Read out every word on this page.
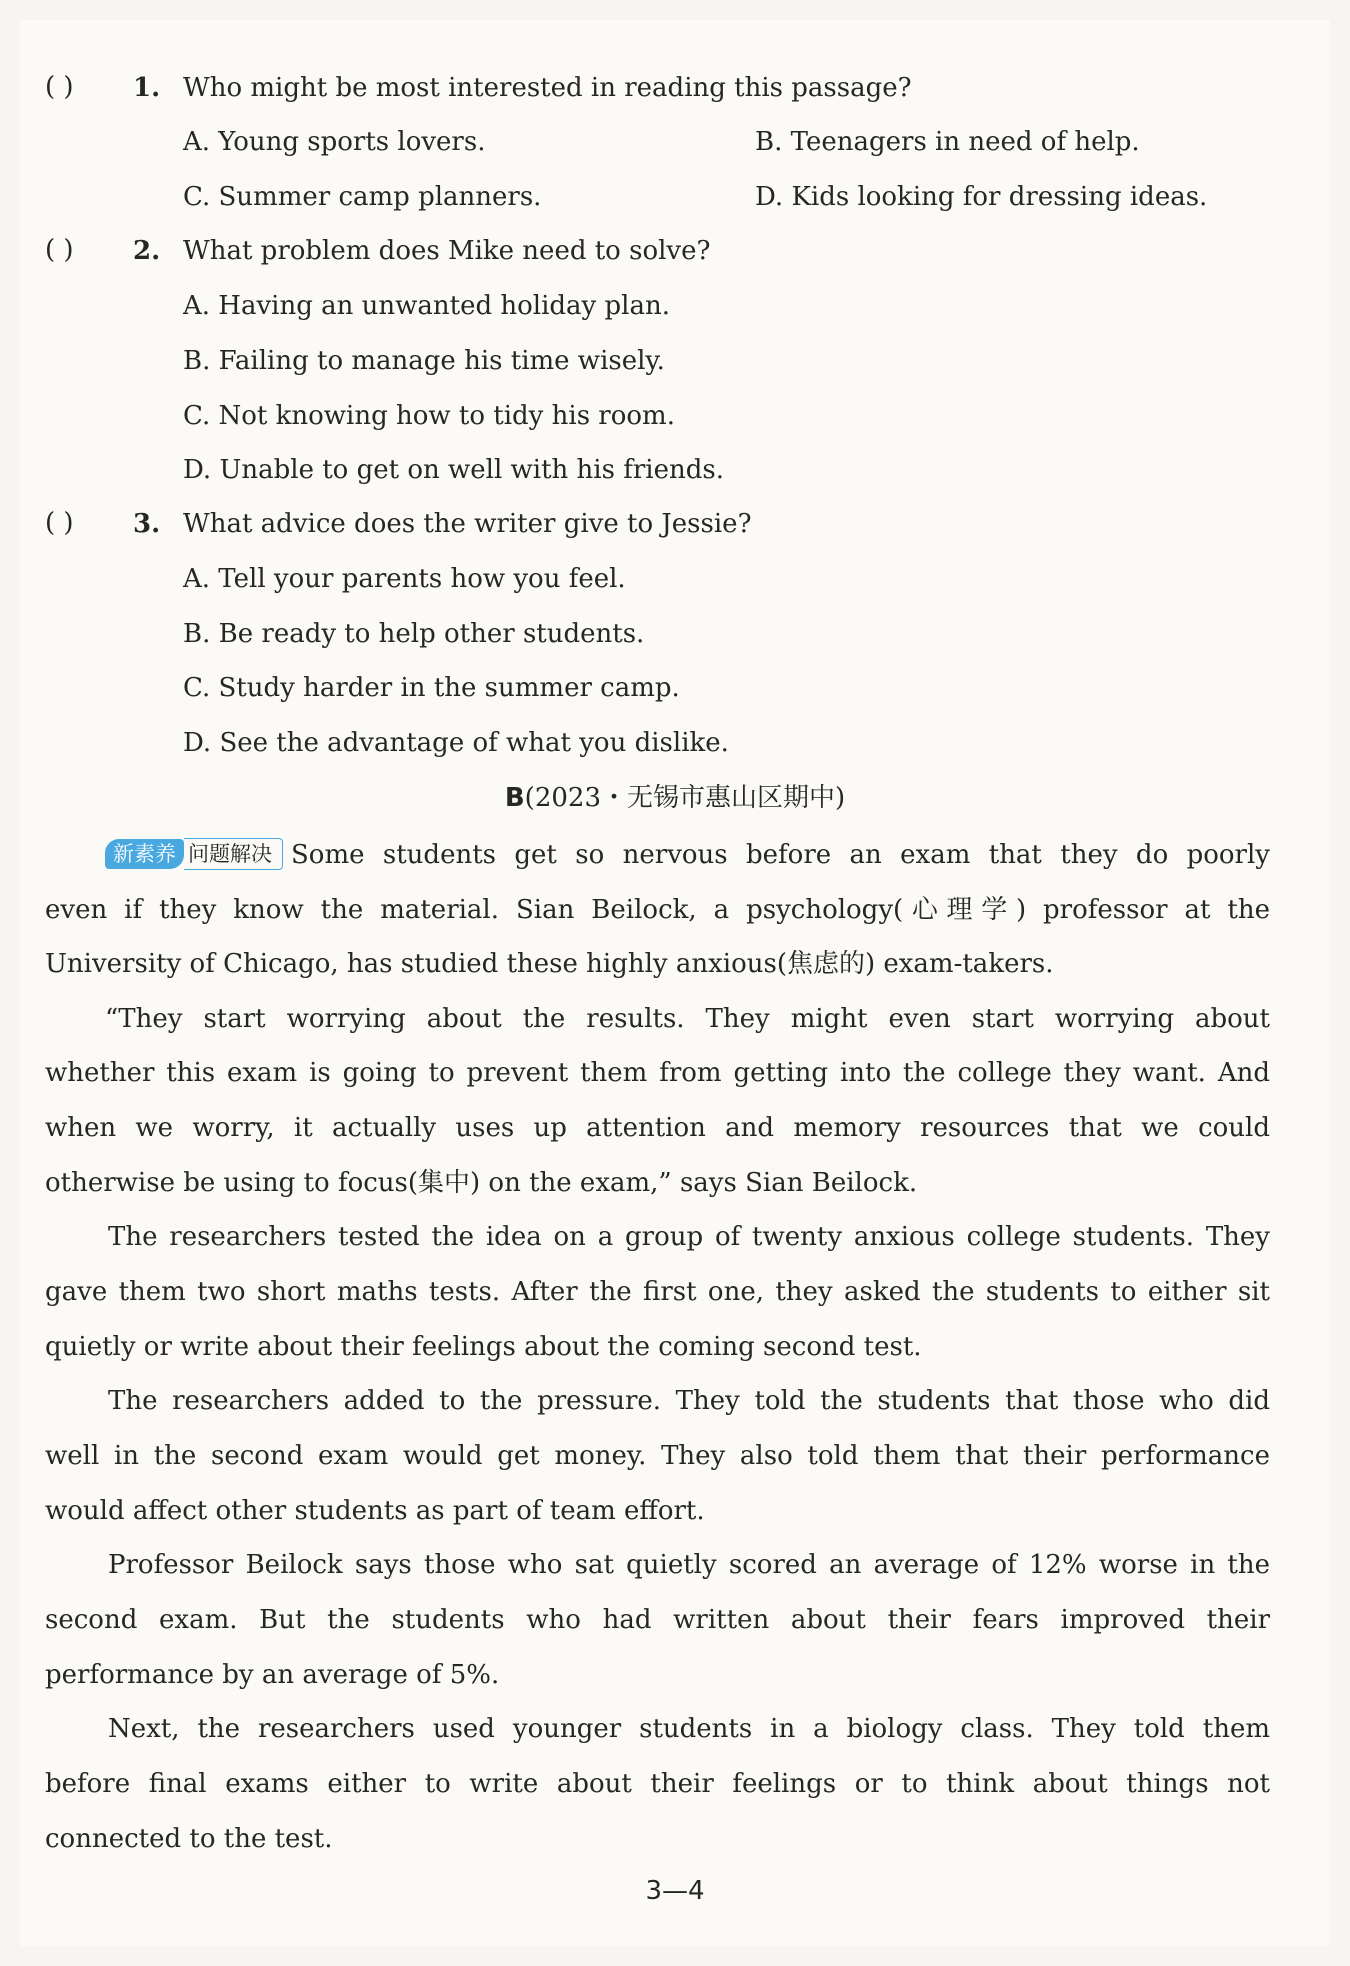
( ) 1. Who might be most interested in reading this passage?
A. Young sports lovers.	B. Teenagers in need of help.
C. Summer camp planners.	D. Kids looking for dressing ideas.
( ) 2. What problem does Mike need to solve?
A. Having an unwanted holiday plan.
B. Failing to manage his time wisely.
C. Not knowing how to tidy his room.
D. Unable to get on well with his friends.
( ) 3. What advice does the writer give to Jessie?
A. Tell your parents how you feel.
B. Be ready to help other students.
C. Study harder in the summer camp.
D. See the advantage of what you dislike.
B(2023・无锡市惠山区期中)
新素养 问题解决 Some students get so nervous before an exam that they do poorly
even if they know the material. Sian Beilock, a psychology(心理学) professor at the
University of Chicago, has studied these highly anxious(焦虑的) exam-takers.
“They start worrying about the results. They might even start worrying about
whether this exam is going to prevent them from getting into the college they want. And
when we worry, it actually uses up attention and memory resources that we could
otherwise be using to focus(集中) on the exam,” says Sian Beilock.
The researchers tested the idea on a group of twenty anxious college students. They
gave them two short maths tests. After the first one, they asked the students to either sit
quietly or write about their feelings about the coming second test.
The researchers added to the pressure. They told the students that those who did
well in the second exam would get money. They also told them that their performance
would affect other students as part of team effort.
Professor Beilock says those who sat quietly scored an average of 12% worse in the
second exam. But the students who had written about their fears improved their
performance by an average of 5%.
Next, the researchers used younger students in a biology class. They told them
before final exams either to write about their feelings or to think about things not
connected to the test.
3—4
